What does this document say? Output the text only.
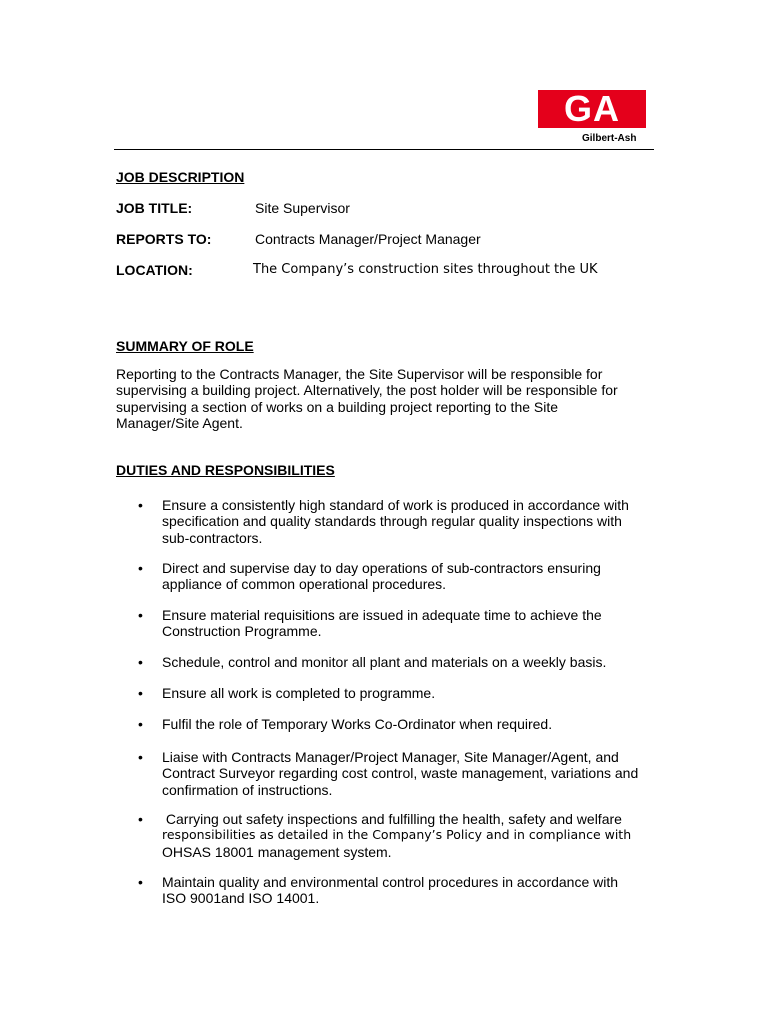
GA
Gilbert-Ash
JOB DESCRIPTION
JOB TITLE:	Site Supervisor
REPORTS TO:	Contracts Manager/Project Manager
LOCATION:	The Company’s construction sites throughout the UK
SUMMARY OF ROLE
Reporting to the Contracts Manager, the Site Supervisor will be responsible for
supervising a building project. Alternatively, the post holder will be responsible for
supervising a section of works on a building project reporting to the Site
Manager/Site Agent.
DUTIES AND RESPONSIBILITIES
• Ensure a consistently high standard of work is produced in accordance with
specification and quality standards through regular quality inspections with
sub-contractors.
• Direct and supervise day to day operations of sub-contractors ensuring
appliance of common operational procedures.
• Ensure material requisitions are issued in adequate time to achieve the
Construction Programme.
• Schedule, control and monitor all plant and materials on a weekly basis.
• Ensure all work is completed to programme.
• Fulfil the role of Temporary Works Co-Ordinator when required.
• Liaise with Contracts Manager/Project Manager, Site Manager/Agent, and
Contract Surveyor regarding cost control, waste management, variations and
confirmation of instructions.
• Carrying out safety inspections and fulfilling the health, safety and welfare
responsibilities as detailed in the Company’s Policy and in compliance with
OHSAS 18001 management system.
• Maintain quality and environmental control procedures in accordance with
ISO 9001and ISO 14001.
